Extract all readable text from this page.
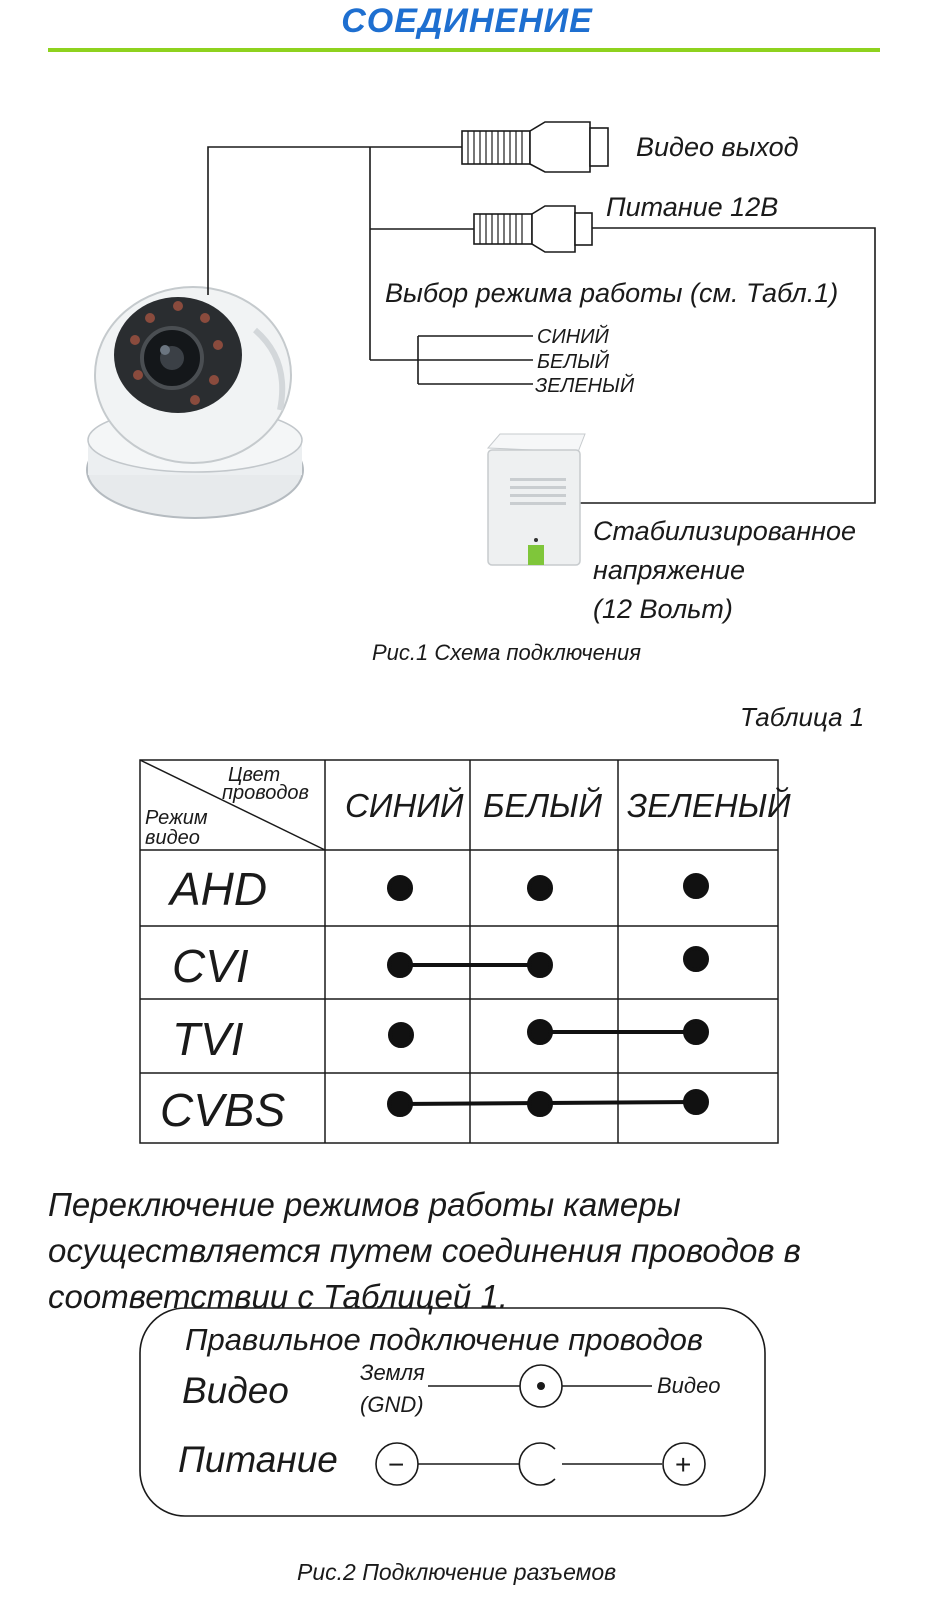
СОЕДИНЕНИЕ
Видео выход
Питание 12В
Выбор режима работы (см. Табл.1)
СИНИЙ
БЕЛЫЙ
ЗЕЛЕНЫЙ
Стабилизированное
напряжение
(12 Вольт)
Рис.1 Схема подключения
Таблица 1
Цвет
проводов
Режим
видео
СИНИЙ БЕЛЫЙ ЗЕЛЕНЫЙ
AHD
CVI
TVI
CVBS
Переключение режимов работы камеры осуществляется путем соединения проводов в соответствии с Таблицей 1.
Правильное подключение проводов
Видео
Питание
Земля
(GND)
Видео
−	+
Рис.2 Подключение разъемов
